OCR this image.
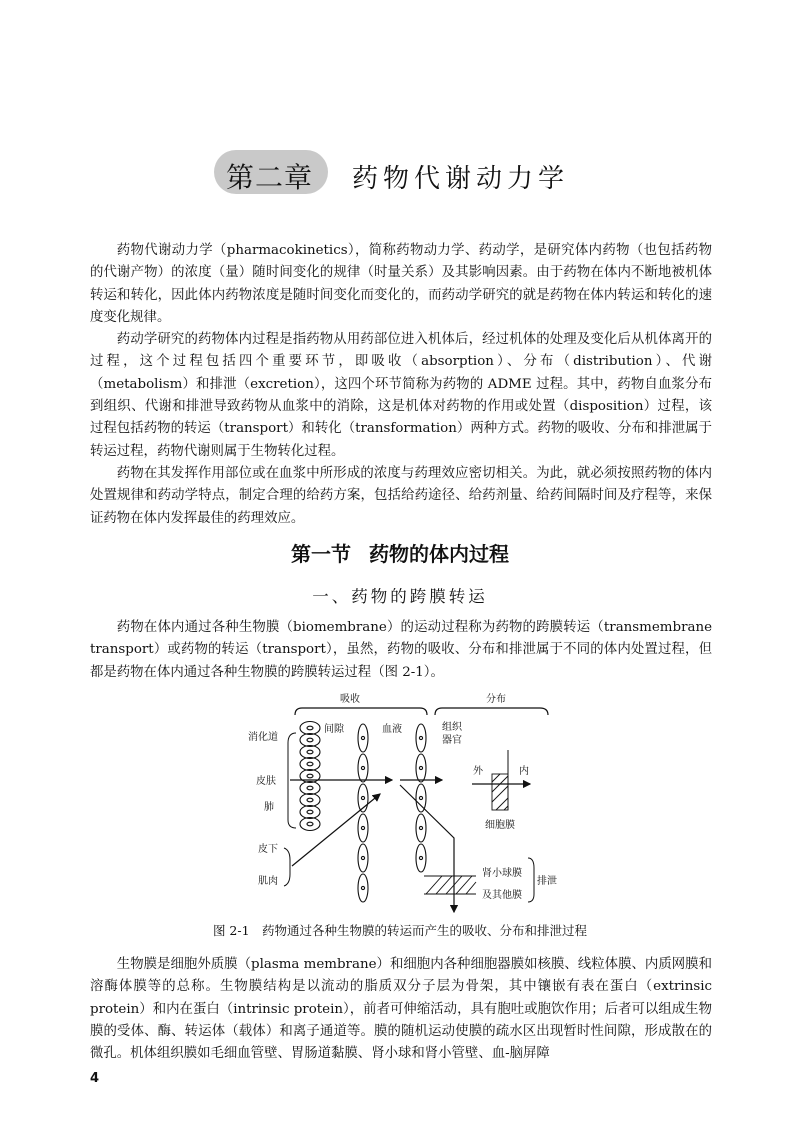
第二章 药物代谢动力学

药物代谢动力学（pharmacokinetics），简称药物动力学、药动学，是研究体内药物（也包括药物的代谢产物）的浓度（量）随时间变化的规律（时量关系）及其影响因素。由于药物在体内不断地被机体转运和转化，因此体内药物浓度是随时间变化而变化的，而药动学研究的就是药物在体内转运和转化的速度变化规律。

药动学研究的药物体内过程是指药物从用药部位进入机体后，经过机体的处理及变化后从机体离开的过程，这个过程包括四个重要环节，即吸收（absorption）、分布（distribution）、代谢（metabolism）和排泄（excretion），这四个环节简称为药物的 ADME 过程。其中，药物自血浆分布到组织、代谢和排泄导致药物从血浆中的消除，这是机体对药物的作用或处置（disposition）过程，该过程包括药物的转运（transport）和转化（transformation）两种方式。药物的吸收、分布和排泄属于转运过程，药物代谢则属于生物转化过程。

药物在其发挥作用部位或在血浆中所形成的浓度与药理效应密切相关。为此，就必须按照药物的体内处置规律和药动学特点，制定合理的给药方案，包括给药途径、给药剂量、给药间隔时间及疗程等，来保证药物在体内发挥最佳的药理效应。

第一节 药物的体内过程
一、药物的跨膜转运

药物在体内通过各种生物膜（biomembrane）的运动过程称为药物的跨膜转运（transmembrane transport）或药物的转运（transport），虽然，药物的吸收、分布和排泄属于不同的体内处置过程，但都是药物在体内通过各种生物膜的跨膜转运过程（图 2-1）。

吸收	分布
间隙	血液	组织
器官
消化道
皮肤
肺
皮下
肌肉
外	内
细胞膜
肾小球膜
及其他膜
排泄
图 2-1　药物通过各种生物膜的转运而产生的吸收、分布和排泄过程

生物膜是细胞外质膜（plasma membrane）和细胞内各种细胞器膜如核膜、线粒体膜、内质网膜和溶酶体膜等的总称。生物膜结构是以流动的脂质双分子层为骨架，其中镶嵌有表在蛋白（extrinsic protein）和内在蛋白（intrinsic protein），前者可伸缩活动，具有胞吐或胞饮作用；后者可以组成生物膜的受体、酶、转运体（载体）和离子通道等。膜的随机运动使膜的疏水区出现暂时性间隙，形成散在的微孔。机体组织膜如毛细血管壁、胃肠道黏膜、肾小球和肾小管壁、血-脑屏障

4
